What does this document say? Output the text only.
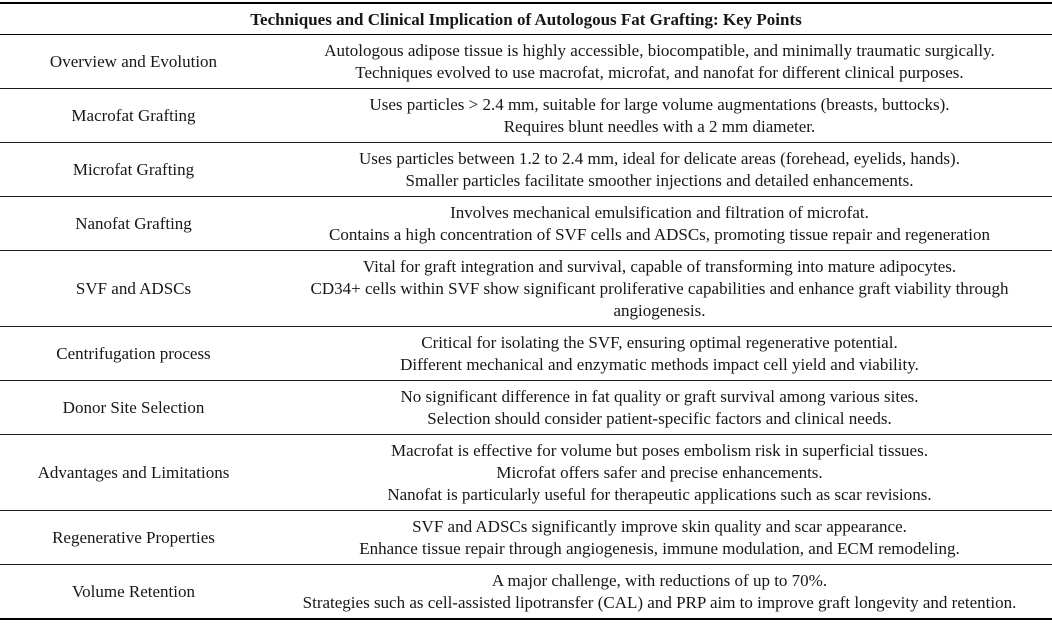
Techniques and Clinical Implication of Autologous Fat Grafting: Key Points
Overview and Evolution
Autologous adipose tissue is highly accessible, biocompatible, and minimally traumatic surgically.
Techniques evolved to use macrofat, microfat, and nanofat for different clinical purposes.
Macrofat Grafting
Uses particles > 2.4 mm, suitable for large volume augmentations (breasts, buttocks).
Requires blunt needles with a 2 mm diameter.
Microfat Grafting
Uses particles between 1.2 to 2.4 mm, ideal for delicate areas (forehead, eyelids, hands).
Smaller particles facilitate smoother injections and detailed enhancements.
Nanofat Grafting
Involves mechanical emulsification and filtration of microfat.
Contains a high concentration of SVF cells and ADSCs, promoting tissue repair and regeneration
SVF and ADSCs
Vital for graft integration and survival, capable of transforming into mature adipocytes.
CD34+ cells within SVF show significant proliferative capabilities and enhance graft viability through angiogenesis.
Centrifugation process
Critical for isolating the SVF, ensuring optimal regenerative potential.
Different mechanical and enzymatic methods impact cell yield and viability.
Donor Site Selection
No significant difference in fat quality or graft survival among various sites.
Selection should consider patient-specific factors and clinical needs.
Advantages and Limitations
Macrofat is effective for volume but poses embolism risk in superficial tissues.
Microfat offers safer and precise enhancements.
Nanofat is particularly useful for therapeutic applications such as scar revisions.
Regenerative Properties
SVF and ADSCs significantly improve skin quality and scar appearance.
Enhance tissue repair through angiogenesis, immune modulation, and ECM remodeling.
Volume Retention
A major challenge, with reductions of up to 70%.
Strategies such as cell-assisted lipotransfer (CAL) and PRP aim to improve graft longevity and retention.
